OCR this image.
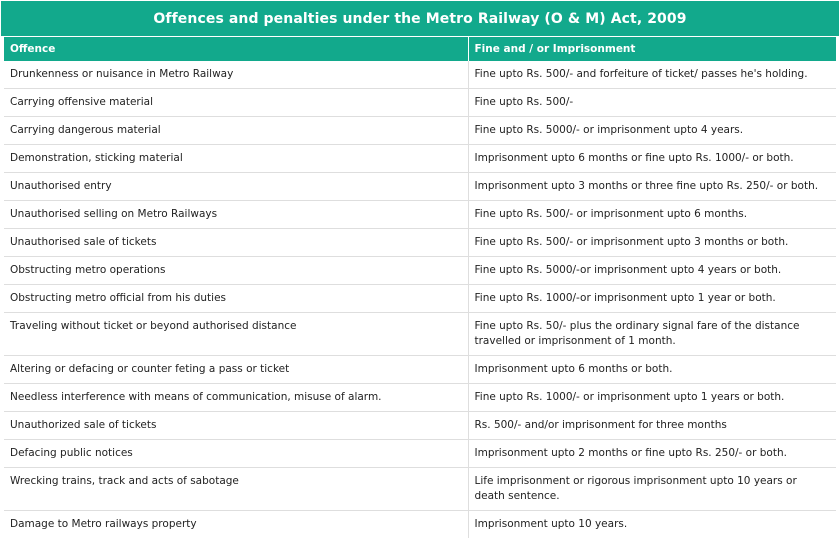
Offences and penalties under the Metro Railway (O & M) Act, 2009
Offence	Fine and / or Imprisonment
Drunkenness or nuisance in Metro Railway	Fine upto Rs. 500/- and forfeiture of ticket/ passes he's holding.
Carrying offensive material	Fine upto Rs. 500/-
Carrying dangerous material	Fine upto Rs. 5000/- or imprisonment upto 4 years.
Demonstration, sticking material	Imprisonment upto 6 months or fine upto Rs. 1000/- or both.
Unauthorised entry	Imprisonment upto 3 months or three fine upto Rs. 250/- or both.
Unauthorised selling on Metro Railways	Fine upto Rs. 500/- or imprisonment upto 6 months.
Unauthorised sale of tickets	Fine upto Rs. 500/- or imprisonment upto 3 months or both.
Obstructing metro operations	Fine upto Rs. 5000/-or imprisonment upto 4 years or both.
Obstructing metro official from his duties	Fine upto Rs. 1000/-or imprisonment upto 1 year or both.
Traveling without ticket or beyond authorised distance	Fine upto Rs. 50/- plus the ordinary signal fare of the distance travelled or imprisonment of 1 month.
Altering or defacing or counter feting a pass or ticket	Imprisonment upto 6 months or both.
Needless interference with means of communication, misuse of alarm.	Fine upto Rs. 1000/- or imprisonment upto 1 years or both.
Unauthorized sale of tickets	Rs. 500/- and/or imprisonment for three months
Defacing public notices	Imprisonment upto 2 months or fine upto Rs. 250/- or both.
Wrecking trains, track and acts of sabotage	Life imprisonment or rigorous imprisonment upto 10 years or death sentence.
Damage to Metro railways property	Imprisonment upto 10 years.
